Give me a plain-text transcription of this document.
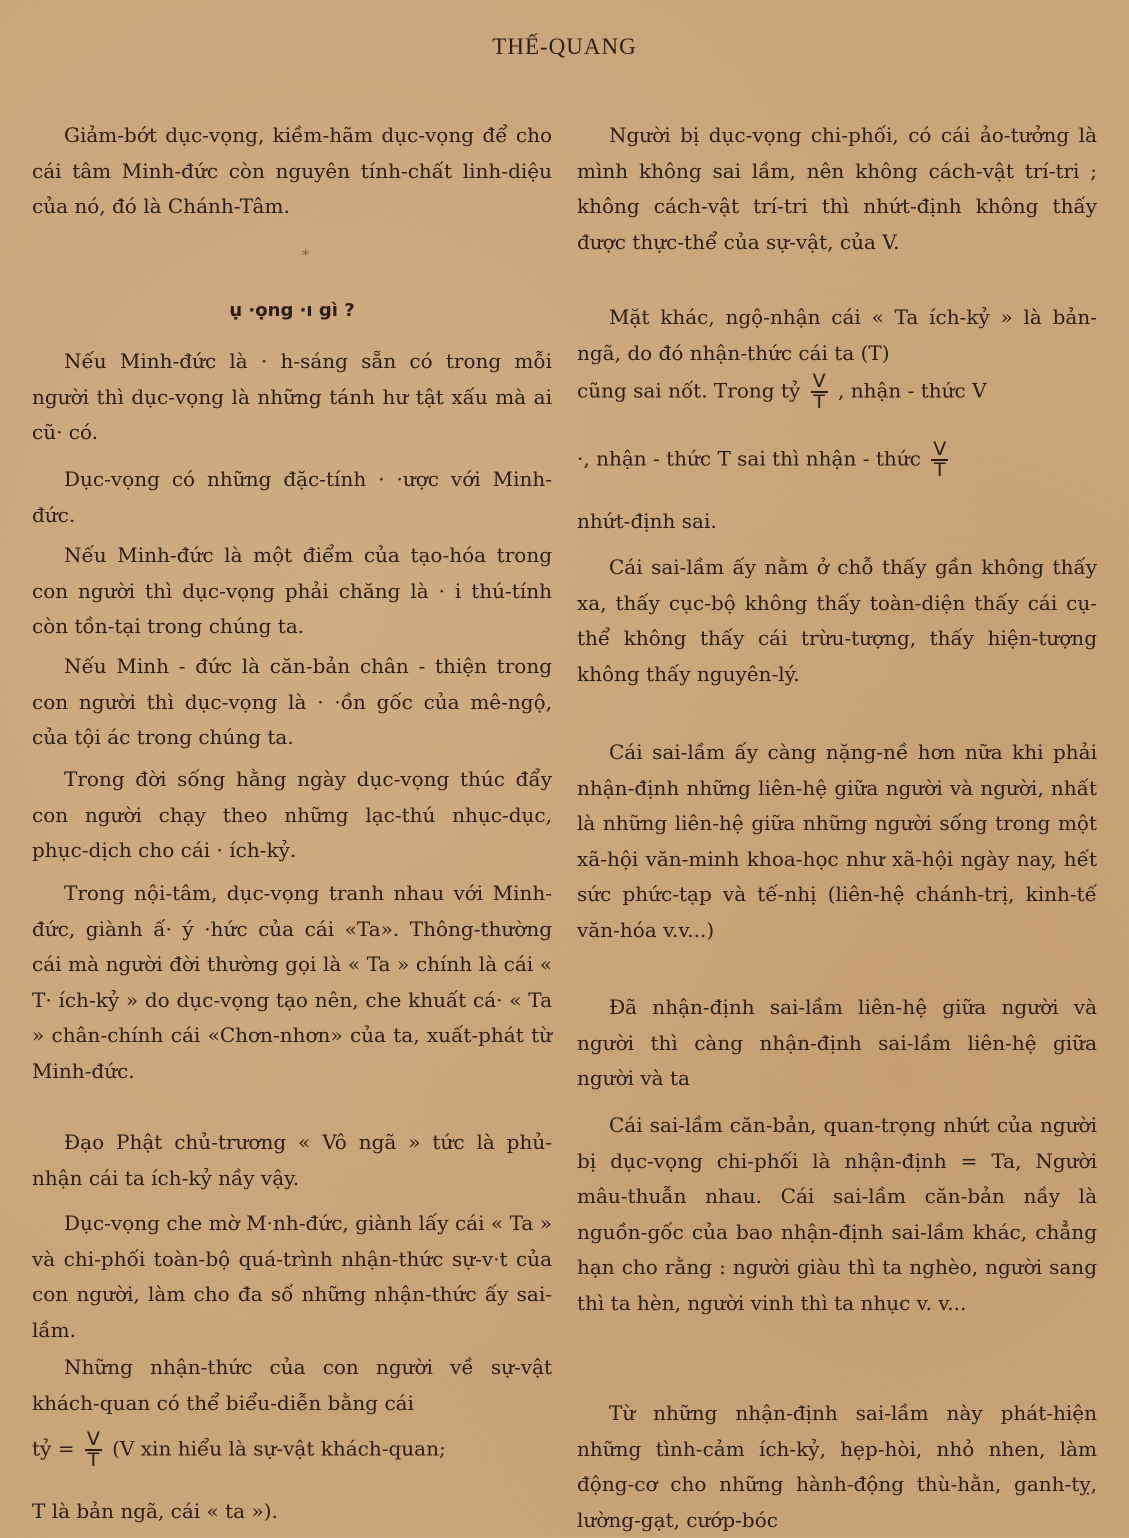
THẾ-QUANG

Giảm-bớt dục-vọng, kiềm-hãm dục-vọng để cho cái tâm Minh-đức còn nguyên tính-chất linh-diệu của nó, đó là Chánh-Tâm.

*
ụ ·ọng ·ı gì ?

Nếu Minh-đức là · h-sáng sẵn có trong mỗi người thì dục-vọng là những tánh hư tật xấu mà ai cũ· có.

Dục-vọng có những đặc-tính · ·ược với Minh-đức.

Nếu Minh-đức là một điểm của tạo-hóa trong con người thì dục-vọng phải chăng là · i thú-tính còn tồn-tại trong chúng ta.

Nếu Minh - đức là căn-bản chân - thiện trong con người thì dục-vọng là · ·ồn gốc của mê-ngộ, của tội ác trong chúng ta.

Trong đời sống hằng ngày dục-vọng thúc đẩy con người chạy theo những lạc-thú nhục-dục, phục-dịch cho cái · ích-kỷ.

Trong nội-tâm, dục-vọng tranh nhau với Minh-đức, giành ấ· ý ·hức của cái «Ta». Thông-thường cái mà người đời thường gọi là « Ta » chính là cái « T· ích-kỷ » do dục-vọng tạo nên, che khuất cá· « Ta » chân-chính cái «Chơn-nhơn» của ta, xuất-phát từ Minh-đức.

Đạo Phật chủ-trương « Vô ngã » tức là phủ-nhận cái ta ích-kỷ nầy vậy.

Dục-vọng che mờ M·nh-đức, giành lấy cái « Ta » và chi-phối toàn-bộ quá-trình nhận-thức sự-v·t của con người, làm cho đa số những nhận-thức ấy sai-lầm.

Những nhận-thức của con người về sự-vật khách-quan có thể biểu-diễn bằng cái

tỷ = $\frac{V}{T} (V$ xin hiểu là sự-vật khách-quan;

T là bản ngã, cái « ta »).

Người bị dục-vọng chi-phối, có cái ảo-tưởng là mình không sai lầm, nên không cách-vật trí-tri ; không cách-vật trí-tri thì nhứt-định không thấy được thực-thể của sự-vật, của V.

Mặt khác, ngộ-nhận cái « Ta ích-kỷ » là bản-ngã, do đó nhận-thức cái ta (T)

cũng sai nốt. Trong tỷ $\frac{V}{T}$ , nhận - thức V
·, nhận - thức T sai thì nhận - thức $\frac{V}{T}$

nhứt-định sai.

Cái sai-lầm ấy nằm ở chỗ thấy gần không thấy xa, thấy cục-bộ không thấy toàn-diện thấy cái cụ-thể không thấy cái trừu-tượng, thấy hiện-tượng không thấy nguyên-lý.

Cái sai-lầm ấy càng nặng-nề hơn nữa khi phải nhận-định những liên-hệ giữa người và người, nhất là những liên-hệ giữa những người sống trong một xã-hội văn-minh khoa-học như xã-hội ngày nay, hết sức phức-tạp và tế-nhị (liên-hệ chánh-trị, kinh-tế văn-hóa v.v...)

Đã nhận-định sai-lầm liên-hệ giữa người và người thì càng nhận-định sai-lầm liên-hệ giữa người và ta

Cái sai-lầm căn-bản, quan-trọng nhứt của người bị dục-vọng chi-phối là nhận-định = Ta, Người mâu-thuẫn nhau. Cái sai-lầm căn-bản nầy là nguồn-gốc của bao nhận-định sai-lầm khác, chẳng hạn cho rằng : người giàu thì ta nghèo, người sang thì ta hèn, người vinh thì ta nhục v. v...

Từ những nhận-định sai-lầm này phát-hiện những tình-cảm ích-kỷ, hẹp-hòi, nhỏ nhen, làm động-cơ cho những hành-động thù-hằn, ganh-tỵ, lường-gạt, cướp-bóc
